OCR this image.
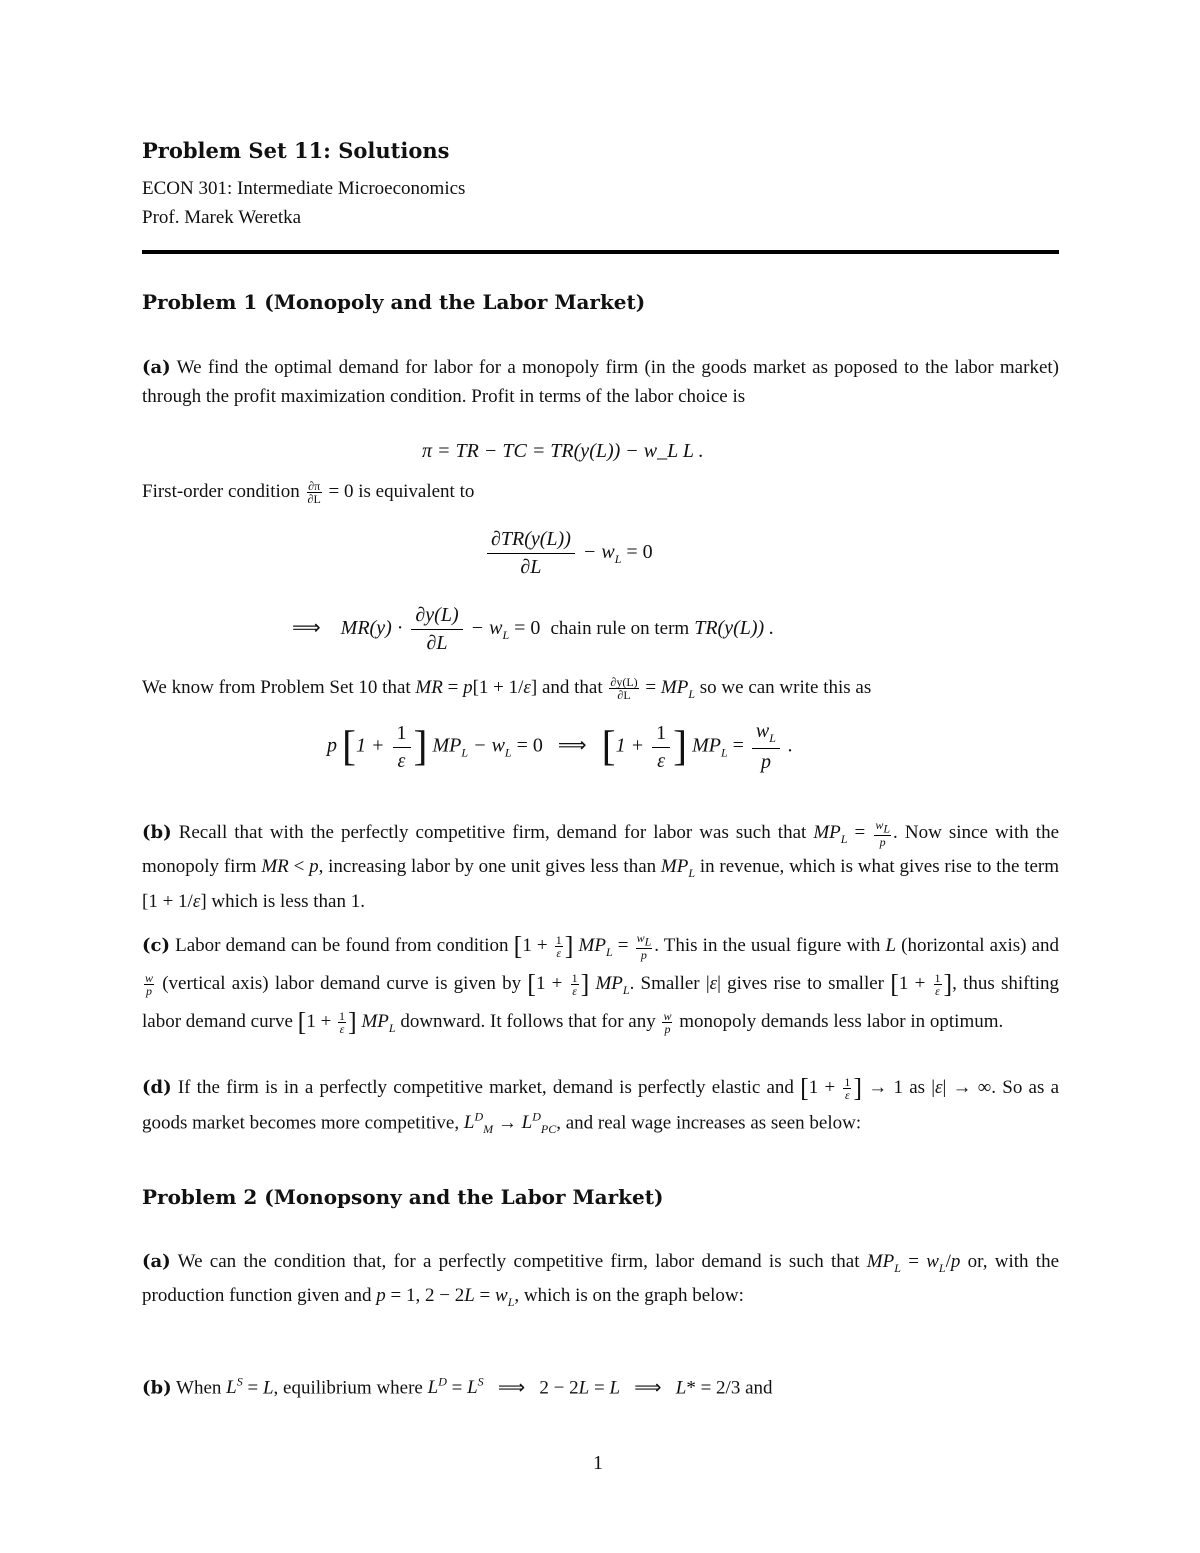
Problem Set 11: Solutions
ECON 301: Intermediate Microeconomics
Prof. Marek Weretka
Problem 1 (Monopoly and the Labor Market)
(a) We find the optimal demand for labor for a monopoly firm (in the goods market as poposed to the labor market) through the profit maximization condition. Profit in terms of the labor choice is
π = TR − TC = TR(y(L)) − w_L L .
First-order condition $\frac{\partial\pi}{\partial L} = 0$ is equivalent to
$\frac{\partial TR(y(L))}{\partial L} - w_L = 0$
⟹    $MR(y) \cdot \frac{\partial y(L)}{\partial L} - w_L = 0$ chain rule on term TR(y(L)) .
We know from Problem Set 10 that MR = p[1 + 1/ε] and that $\frac{\partial y(L)}{\partial L} = MP_L$ so we can write this as
p [$1 + \frac{1}{\varepsilon}$ ] $MP_L - w_L = 0$ ⟹ [$1 + \frac{1}{\varepsilon}$ ] $MP_L = \frac{w_L}{p}$ .
(b) Recall that with the perfectly competitive firm, demand for labor was such that $MP_L = \frac{w_L}{p}$ . Now since with the monopoly firm MR < p, increasing labor by one unit gives less than $MP_L$ in revenue, which is what gives rise to the term [1 + 1/ε] which is less than 1.
(c) Labor demand can be found from condition [$1 + \frac{1}{\varepsilon}$ ] $MP_L = \frac{w_L}{p}$ . This in the usual figure with L (horizontal axis) and
$\frac{w}{p}$ (vertical axis) labor demand curve is given by [$1 + \frac{1}{\varepsilon}$ ] $MP_L$. Smaller |ε| gives rise to smaller [$1 + \frac{1}{\varepsilon}$ ], thus shifting labor demand curve [$1 + \frac{1}{\varepsilon}$ ] $MP_L$ downward. It follows that for any $\frac{w}{p}$ monopoly demands less labor in optimum.
(d) If the firm is in a perfectly competitive market, demand is perfectly elastic and [$1 + \frac{1}{\varepsilon}$ ] → 1 as |ε| → ∞. So as a goods market becomes more competitive, $L^D_M \to L^D_{PC}$, and real wage increases as seen below:
Problem 2 (Monopsony and the Labor Market)
(a) We can the condition that, for a perfectly competitive firm, labor demand is such that $MP_L = w_L/p$ or, with the production function given and p = 1, $2 - 2L = w_L$, which is on the graph below:
(b) When $L^S = L$, equilibrium where $L^D = L^S$   ⟹   2 − 2L = L   ⟹   L* = 2/3 and
1
